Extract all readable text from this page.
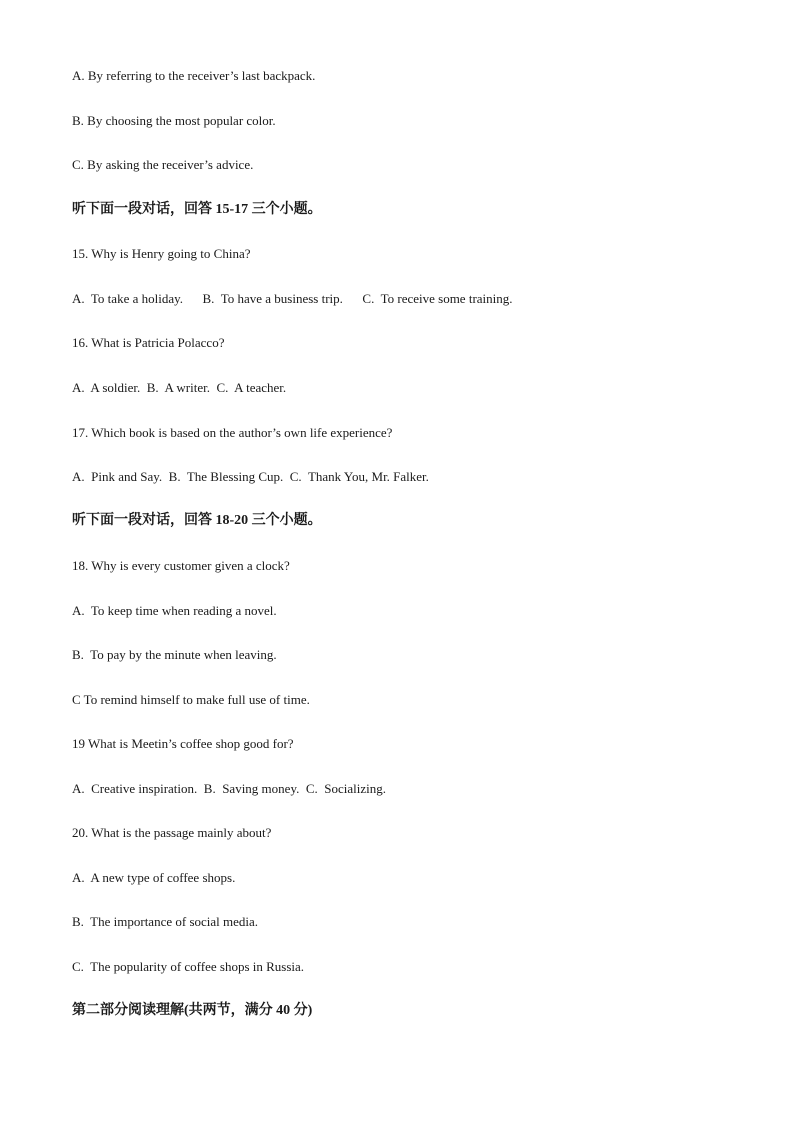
A. By referring to the receiver’s last backpack.
B. By choosing the most popular color.
C. By asking the receiver’s advice.
听下面一段对话，回答 15-17 三个小题。
15. Why is Henry going to China?
A.  To take a holiday.      B.  To have a business trip.      C.  To receive some training.
16. What is Patricia Polacco?
A.  A soldier.  B.  A writer.  C.  A teacher.
17. Which book is based on the author’s own life experience?
A.  Pink and Say.  B.  The Blessing Cup.  C.  Thank You, Mr. Falker.
听下面一段对话，回答 18-20 三个小题。
18. Why is every customer given a clock?
A.  To keep time when reading a novel.
B.  To pay by the minute when leaving.
C To remind himself to make full use of time.
19 What is Meetin’s coffee shop good for?
A.  Creative inspiration.  B.  Saving money.  C.  Socializing.
20. What is the passage mainly about?
A.  A new type of coffee shops.
B.  The importance of social media.
C.  The popularity of coffee shops in Russia.
第二部分阅读理解(共两节，满分 40 分)
